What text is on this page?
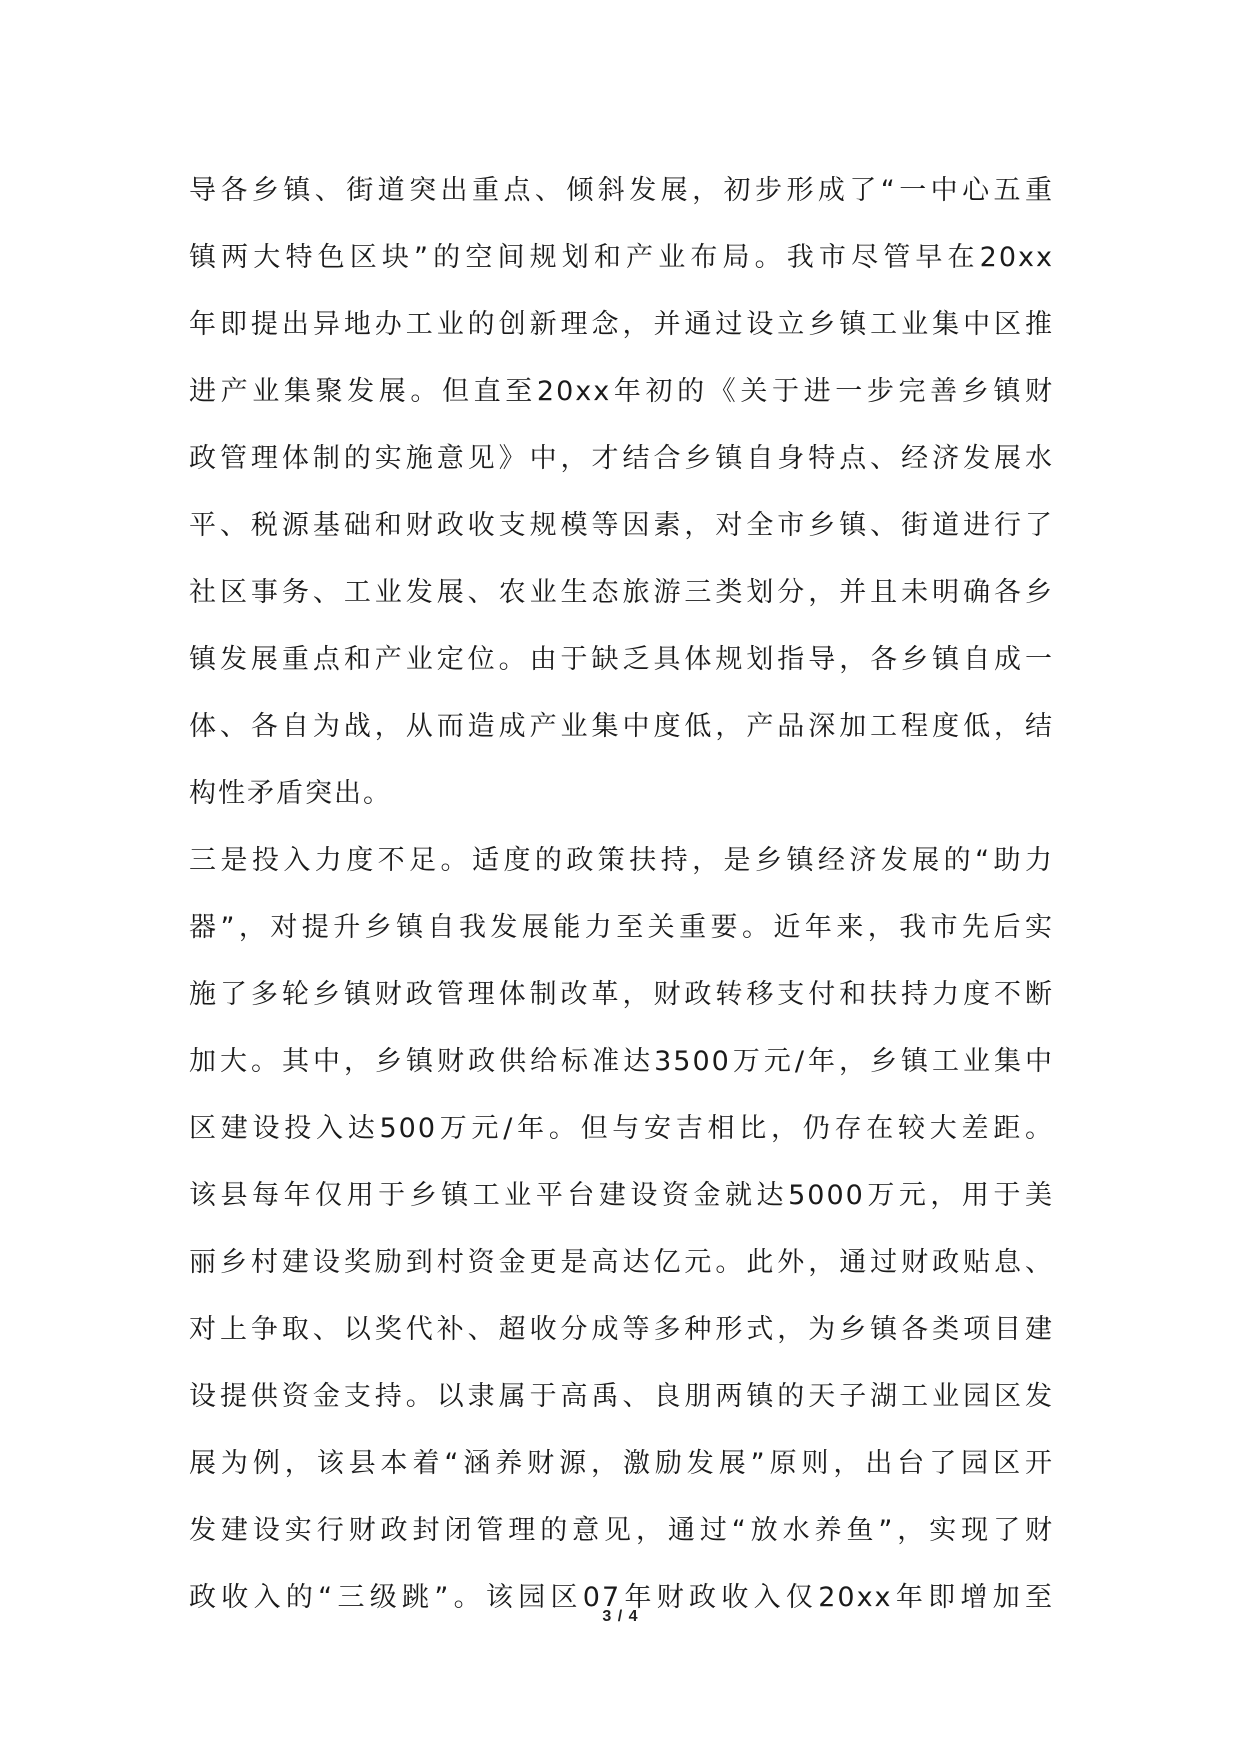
导各乡镇、街道突出重点、倾斜发展，初步形成了“一中心五重
镇两大特色区块”的空间规划和产业布局。我市尽管早在20xx
年即提出异地办工业的创新理念，并通过设立乡镇工业集中区推
进产业集聚发展。但直至20xx年初的《关于进一步完善乡镇财
政管理体制的实施意见》中，才结合乡镇自身特点、经济发展水
平、税源基础和财政收支规模等因素，对全市乡镇、街道进行了
社区事务、工业发展、农业生态旅游三类划分，并且未明确各乡
镇发展重点和产业定位。由于缺乏具体规划指导，各乡镇自成一
体、各自为战，从而造成产业集中度低，产品深加工程度低，结
构性矛盾突出。
三是投入力度不足。适度的政策扶持，是乡镇经济发展的“助力
器”，对提升乡镇自我发展能力至关重要。近年来，我市先后实
施了多轮乡镇财政管理体制改革，财政转移支付和扶持力度不断
加大。其中，乡镇财政供给标准达3500万元/年，乡镇工业集中
区建设投入达500万元/年。但与安吉相比，仍存在较大差距。
该县每年仅用于乡镇工业平台建设资金就达5000万元，用于美
丽乡村建设奖励到村资金更是高达亿元。此外，通过财政贴息、
对上争取、以奖代补、超收分成等多种形式，为乡镇各类项目建
设提供资金支持。以隶属于高禹、良朋两镇的天子湖工业园区发
展为例，该县本着“涵养财源，激励发展”原则，出台了园区开
发建设实行财政封闭管理的意见，通过“放水养鱼”，实现了财
政收入的“三级跳”。该园区07年财政收入仅20xx年即增加至
3 / 4
